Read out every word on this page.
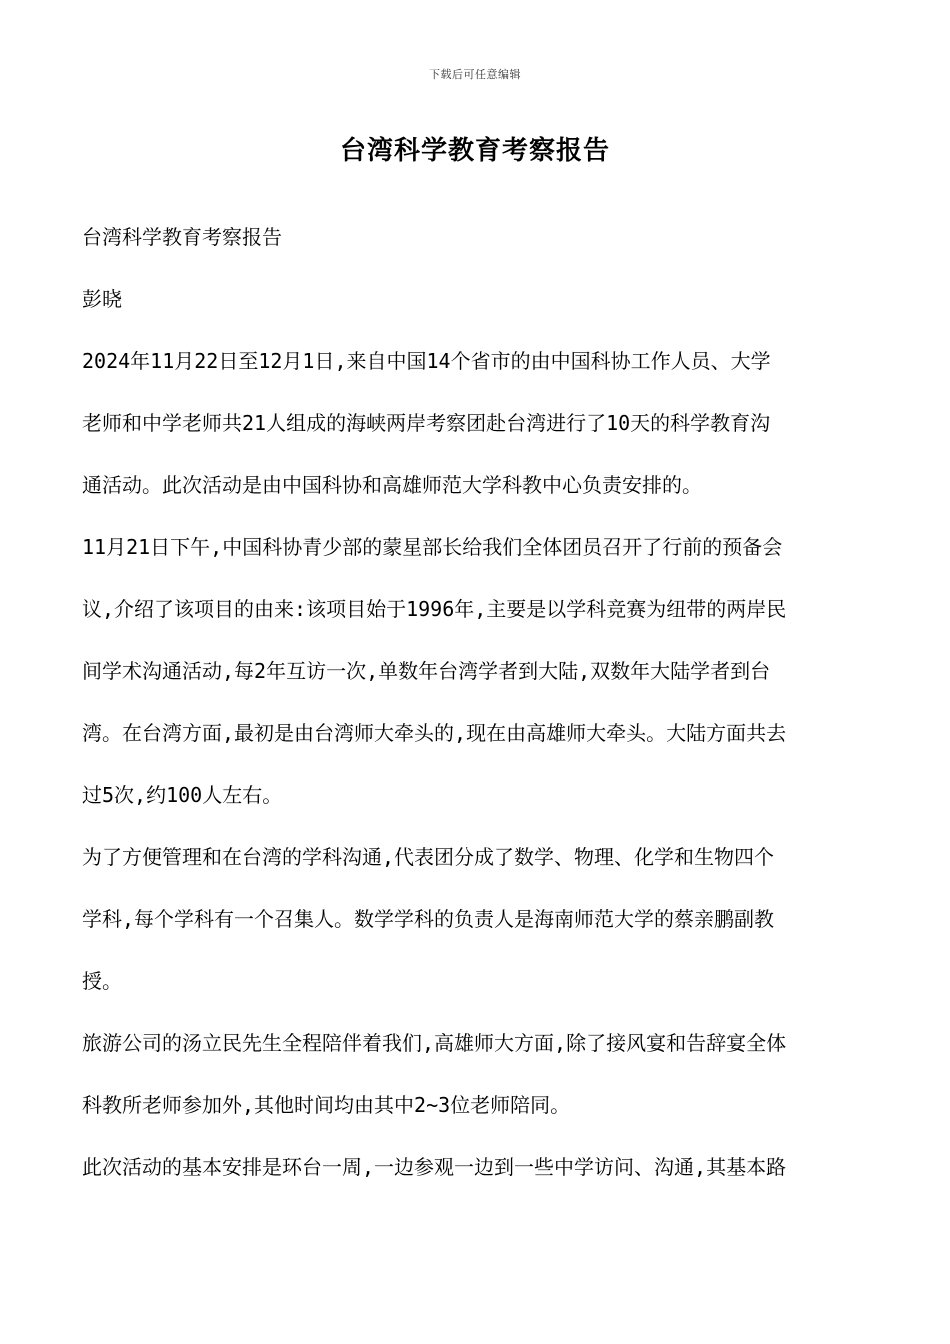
下载后可任意编辑
台湾科学教育考察报告
台湾科学教育考察报告
彭晓
2024年11月22日至12月1日,来自中国14个省市的由中国科协工作人员、大学
老师和中学老师共21人组成的海峡两岸考察团赴台湾进行了10天的科学教育沟
通活动。此次活动是由中国科协和高雄师范大学科教中心负责安排的。
11月21日下午,中国科协青少部的蒙星部长给我们全体团员召开了行前的预备会
议,介绍了该项目的由来:该项目始于1996年,主要是以学科竞赛为纽带的两岸民
间学术沟通活动,每2年互访一次,单数年台湾学者到大陆,双数年大陆学者到台
湾。在台湾方面,最初是由台湾师大牵头的,现在由高雄师大牵头。大陆方面共去
过5次,约100人左右。
为了方便管理和在台湾的学科沟通,代表团分成了数学、物理、化学和生物四个
学科,每个学科有一个召集人。数学学科的负责人是海南师范大学的蔡亲鹏副教
授。
旅游公司的汤立民先生全程陪伴着我们,高雄师大方面,除了接风宴和告辞宴全体
科教所老师参加外,其他时间均由其中2~3位老师陪同。
此次活动的基本安排是环台一周,一边参观一边到一些中学访问、沟通,其基本路
